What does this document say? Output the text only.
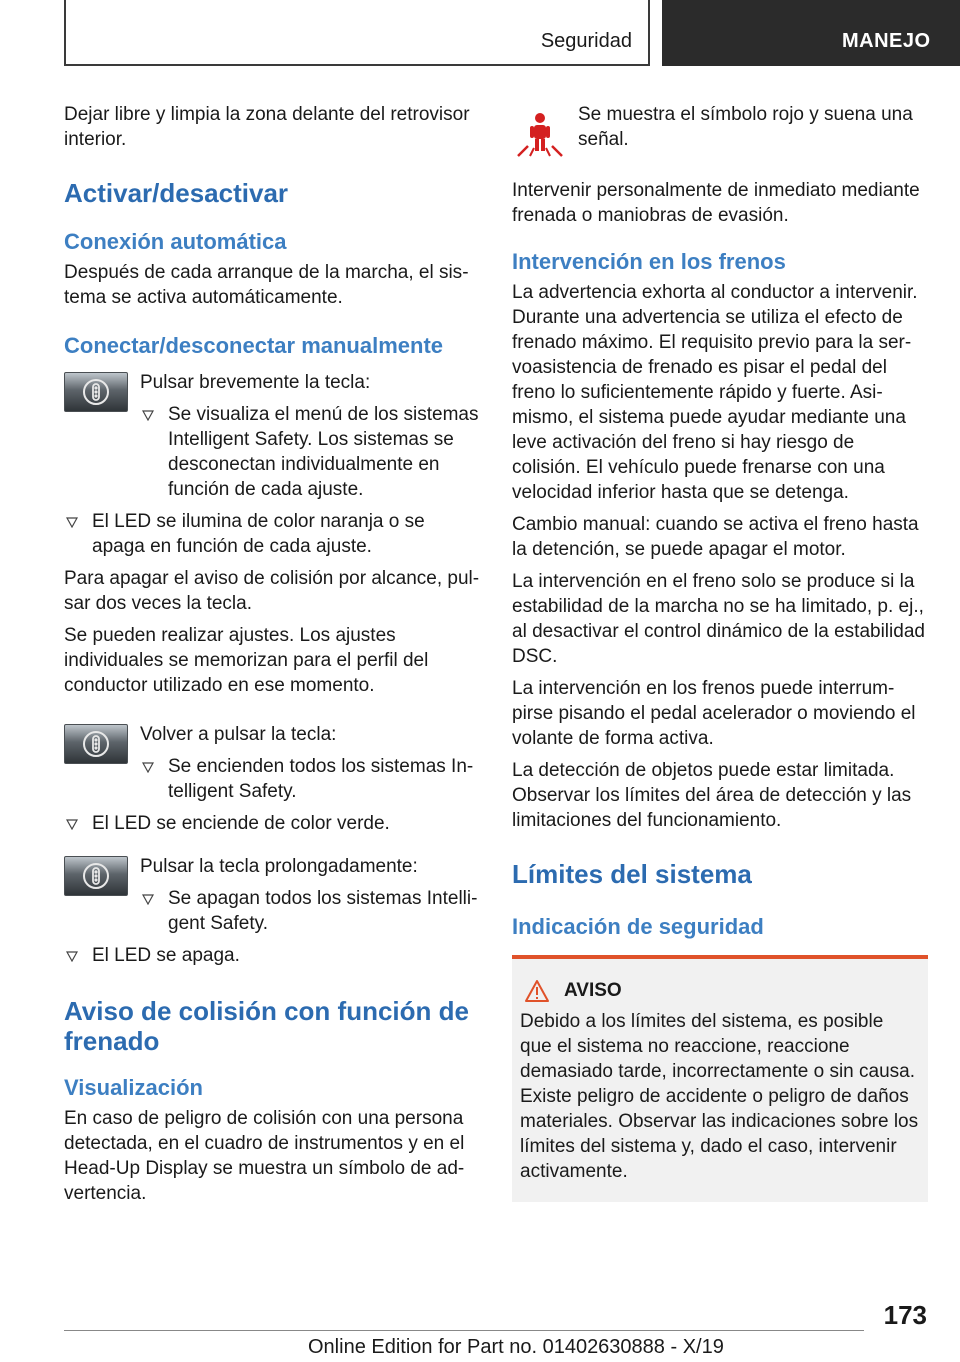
Seguridad	MANEJO

Dejar libre y limpia la zona delante del retrovisor interior.

Activar/desactivar
Conexión automática

Después de cada arranque de la marcha, el sistema se activa automáticamente.

Conectar/desconectar manualmente

Pulsar brevemente la tecla:

Se visualiza el menú de los sistemas Intelligent Safety. Los sistemas se desconectan individualmente en función de cada ajuste.
El LED se ilumina de color naranja o se apaga en función de cada ajuste.

Para apagar el aviso de colisión por alcance, pulsar dos veces la tecla.

Se pueden realizar ajustes. Los ajustes individuales se memorizan para el perfil del conductor utilizado en ese momento.

Volver a pulsar la tecla:

Se encienden todos los sistemas Intelligent Safety.
El LED se enciende de color verde.

Pulsar la tecla prolongadamente:

Se apagan todos los sistemas Intelligent Safety.
El LED se apaga.
Aviso de colisión con función de frenado
Visualización

En caso de peligro de colisión con una persona detectada, en el cuadro de instrumentos y en el Head-Up Display se muestra un símbolo de advertencia.

Se muestra el símbolo rojo y suena una señal.

Intervenir personalmente de inmediato mediante frenada o maniobras de evasión.

Intervención en los frenos

La advertencia exhorta al conductor a intervenir. Durante una advertencia se utiliza el efecto de frenado máximo. El requisito previo para la servoasistencia de frenado es pisar el pedal del freno lo suficientemente rápido y fuerte. Asimismo, el sistema puede ayudar mediante una leve activación del freno si hay riesgo de colisión. El vehículo puede frenarse con una velocidad inferior hasta que se detenga.

Cambio manual: cuando se activa el freno hasta la detención, se puede apagar el motor.

La intervención en el freno solo se produce si la estabilidad de la marcha no se ha limitado, p. ej., al desactivar el control dinámico de la estabilidad DSC.

La intervención en los frenos puede interrumpirse pisando el pedal acelerador o moviendo el volante de forma activa.

La detección de objetos puede estar limitada. Observar los límites del área de detección y las limitaciones del funcionamiento.

Límites del sistema
Indicación de seguridad
AVISO

Debido a los límites del sistema, es posible que el sistema no reaccione, reaccione demasiado tarde, incorrectamente o sin causa. Existe peligro de accidente o peligro de daños materiales. Observar las indicaciones sobre los límites del sistema y, dado el caso, intervenir activamente.

173
Online Edition for Part no. 01402630888 - X/19
